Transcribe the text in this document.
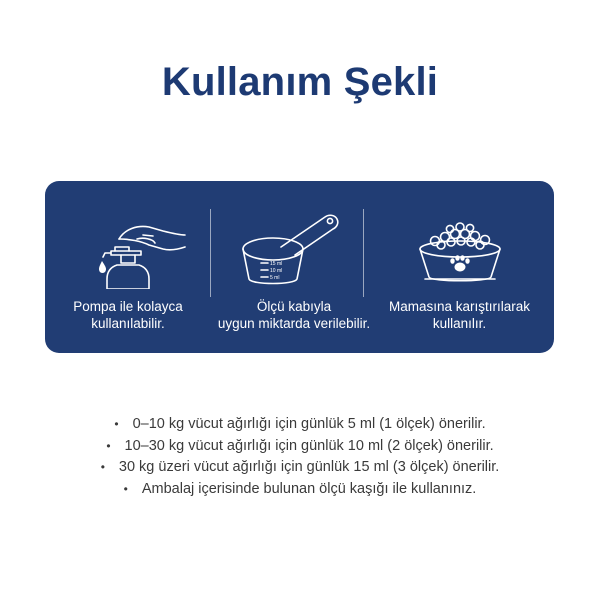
Kullanım Şekli
Pompa ile kolayca
kullanılabilir.
15 ml
10 ml
5 ml
Ölçü kabıyla
uygun miktarda verilebilir.
Mamasına karıştırılarak
kullanılır.
• 0–10 kg vücut ağırlığı için günlük 5 ml (1 ölçek) önerilir.
• 10–30 kg vücut ağırlığı için günlük 10 ml (2 ölçek) önerilir.
• 30 kg üzeri vücut ağırlığı için günlük 15 ml (3 ölçek) önerilir.
• Ambalaj içerisinde bulunan ölçü kaşığı ile kullanınız.
